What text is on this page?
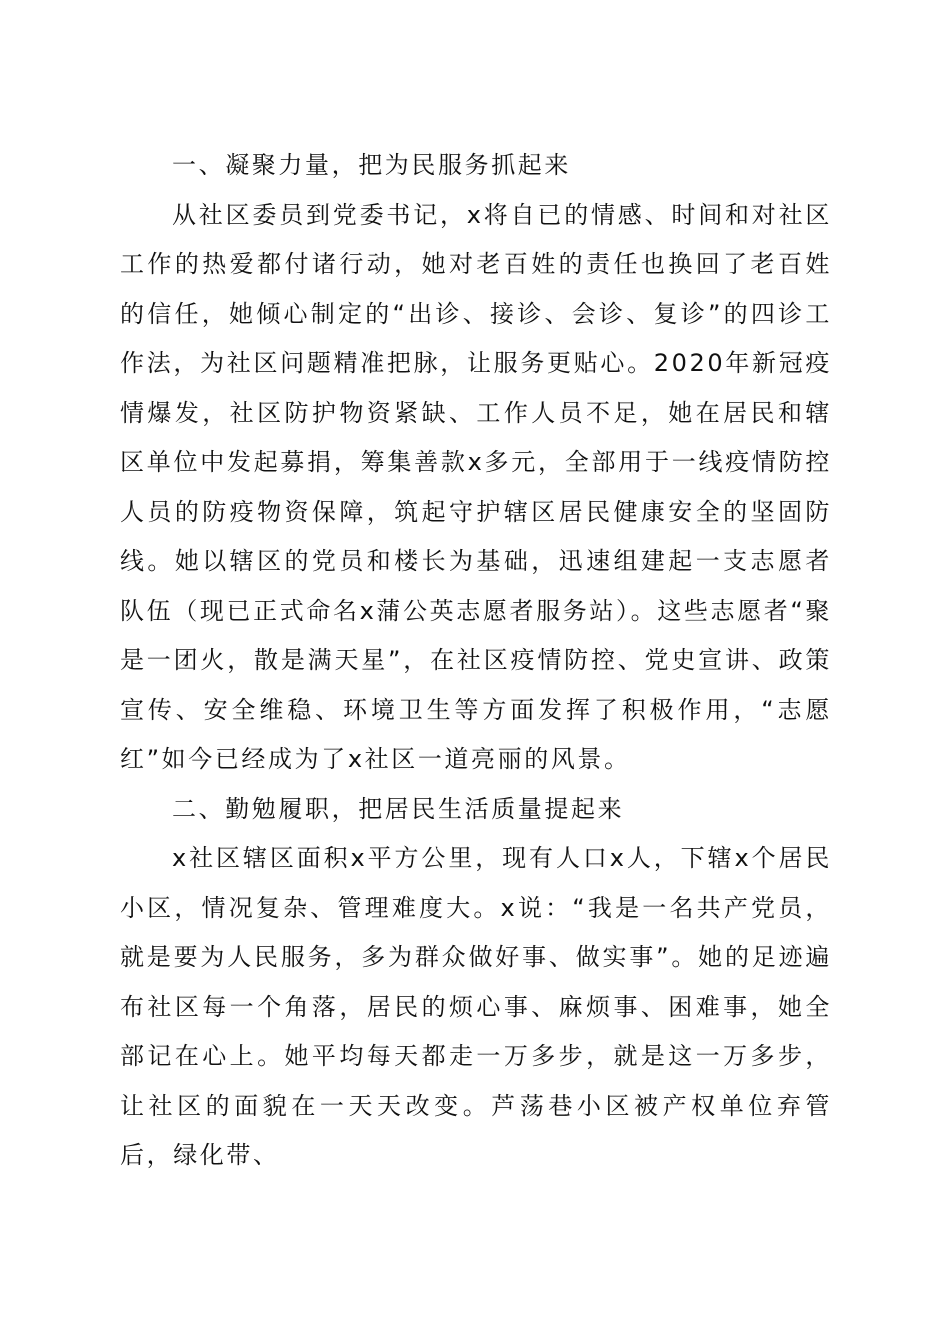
一、凝聚力量，把为民服务抓起来

从社区委员到党委书记，x将自已的情感、时间和对社区工作的热爱都付诸行动，她对老百姓的责任也换回了老百姓的信任，她倾心制定的“出诊、接诊、会诊、复诊”的四诊工作法，为社区问题精准把脉，让服务更贴心。2020年新冠疫情爆发，社区防护物资紧缺、工作人员不足，她在居民和辖区单位中发起募捐，筹集善款x多元，全部用于一线疫情防控人员的防疫物资保障，筑起守护辖区居民健康安全的坚固防线。她以辖区的党员和楼长为基础，迅速组建起一支志愿者队伍（现已正式命名x蒲公英志愿者服务站）。这些志愿者“聚是一团火，散是满天星”，在社区疫情防控、党史宣讲、政策宣传、安全维稳、环境卫生等方面发挥了积极作用，“志愿红”如今已经成为了x社区一道亮丽的风景。

二、勤勉履职，把居民生活质量提起来

x社区辖区面积x平方公里，现有人口x人，下辖x个居民小区，情况复杂、管理难度大。x说：“我是一名共产党员，就是要为人民服务，多为群众做好事、做实事”。她的足迹遍布社区每一个角落，居民的烦心事、麻烦事、困难事，她全部记在心上。她平均每天都走一万多步，就是这一万多步，让社区的面貌在一天天改变。芦荡巷小区被产权单位弃管后，绿化带、
